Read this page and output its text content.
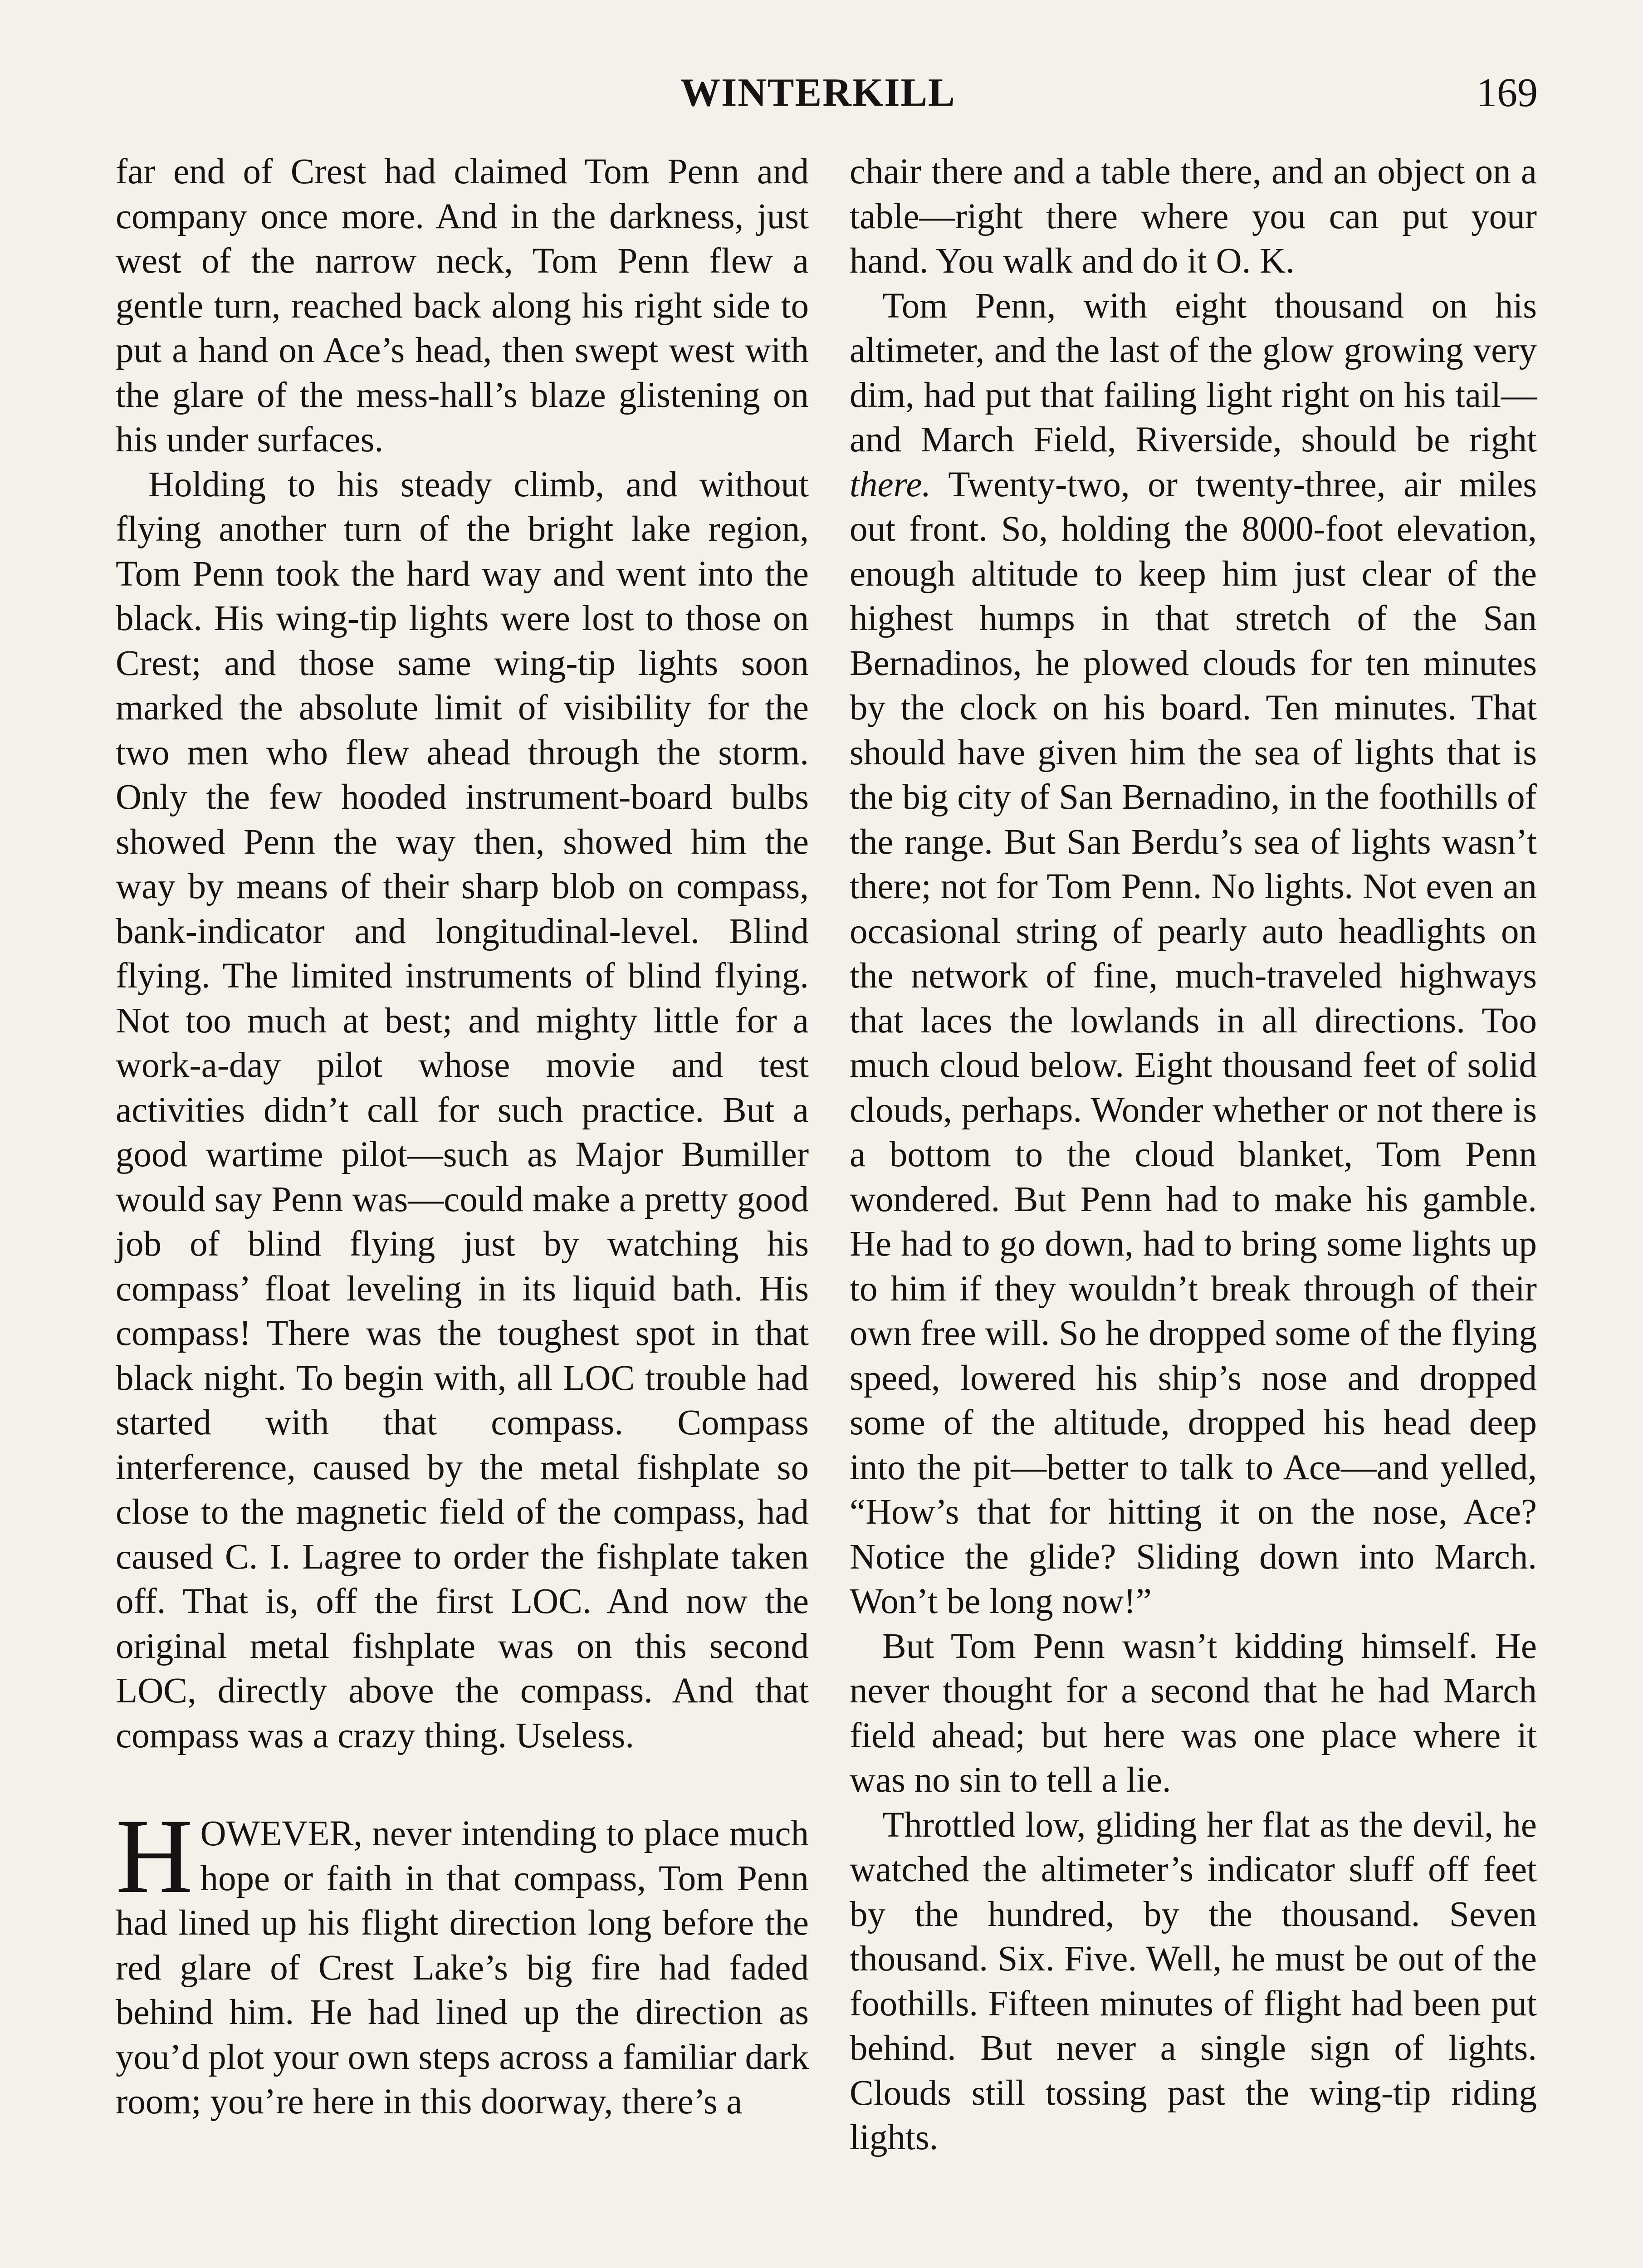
WINTERKILL	169

far end of Crest had claimed Tom Penn and company once more. And in the darkness, just west of the narrow neck, Tom Penn flew a gentle turn, reached back along his right side to put a hand on Ace’s head, then swept west with the glare of the mess-hall’s blaze glistening on his under surfaces.

Holding to his steady climb, and without flying another turn of the bright lake region, Tom Penn took the hard way and went into the black. His wing-tip lights were lost to those on Crest; and those same wing-tip lights soon marked the absolute limit of visibility for the two men who flew ahead through the storm. Only the few hooded instrument-board bulbs showed Penn the way then, showed him the way by means of their sharp blob on compass, bank-indicator and longitudinal-level. Blind flying. The limited instruments of blind flying. Not too much at best; and mighty little for a work-a-day pilot whose movie and test activities didn’t call for such practice. But a good wartime pilot—such as Major Bumiller would say Penn was—could make a pretty good job of blind flying just by watching his compass’ float leveling in its liquid bath. His compass! There was the toughest spot in that black night. To begin with, all LOC trouble had started with that compass. Compass interference, caused by the metal fishplate so close to the magnetic field of the compass, had caused C. I. Lagree to order the fishplate taken off. That is, off the first LOC. And now the original metal fishplate was on this second LOC, directly above the compass. And that compass was a crazy thing. Useless.

HOWEVER, never intending to place much hope or faith in that compass, Tom Penn had lined up his flight direction long before the red glare of Crest Lake’s big fire had faded behind him. He had lined up the direction as you’d plot your own steps across a familiar dark room; you’re here in this doorway, there’s a

chair there and a table there, and an object on a table—right there where you can put your hand. You walk and do it O. K.

Tom Penn, with eight thousand on his altimeter, and the last of the glow growing very dim, had put that failing light right on his tail—and March Field, Riverside, should be right there. Twenty-two, or twenty-three, air miles out front. So, holding the 8000-foot elevation, enough altitude to keep him just clear of the highest humps in that stretch of the San Bernadinos, he plowed clouds for ten minutes by the clock on his board. Ten minutes. That should have given him the sea of lights that is the big city of San Bernadino, in the foothills of the range. But San Berdu’s sea of lights wasn’t there; not for Tom Penn. No lights. Not even an occasional string of pearly auto headlights on the network of fine, much-traveled highways that laces the lowlands in all directions. Too much cloud below. Eight thousand feet of solid clouds, perhaps. Wonder whether or not there is a bottom to the cloud blanket, Tom Penn wondered. But Penn had to make his gamble. He had to go down, had to bring some lights up to him if they wouldn’t break through of their own free will. So he dropped some of the flying speed, lowered his ship’s nose and dropped some of the altitude, dropped his head deep into the pit—better to talk to Ace—and yelled, “How’s that for hitting it on the nose, Ace? Notice the glide? Sliding down into March. Won’t be long now!”

But Tom Penn wasn’t kidding himself. He never thought for a second that he had March field ahead; but here was one place where it was no sin to tell a lie.

Throttled low, gliding her flat as the devil, he watched the altimeter’s indicator sluff off feet by the hundred, by the thousand. Seven thousand. Six. Five. Well, he must be out of the foothills. Fifteen minutes of flight had been put behind. But never a single sign of lights. Clouds still tossing past the wing-tip riding lights.
